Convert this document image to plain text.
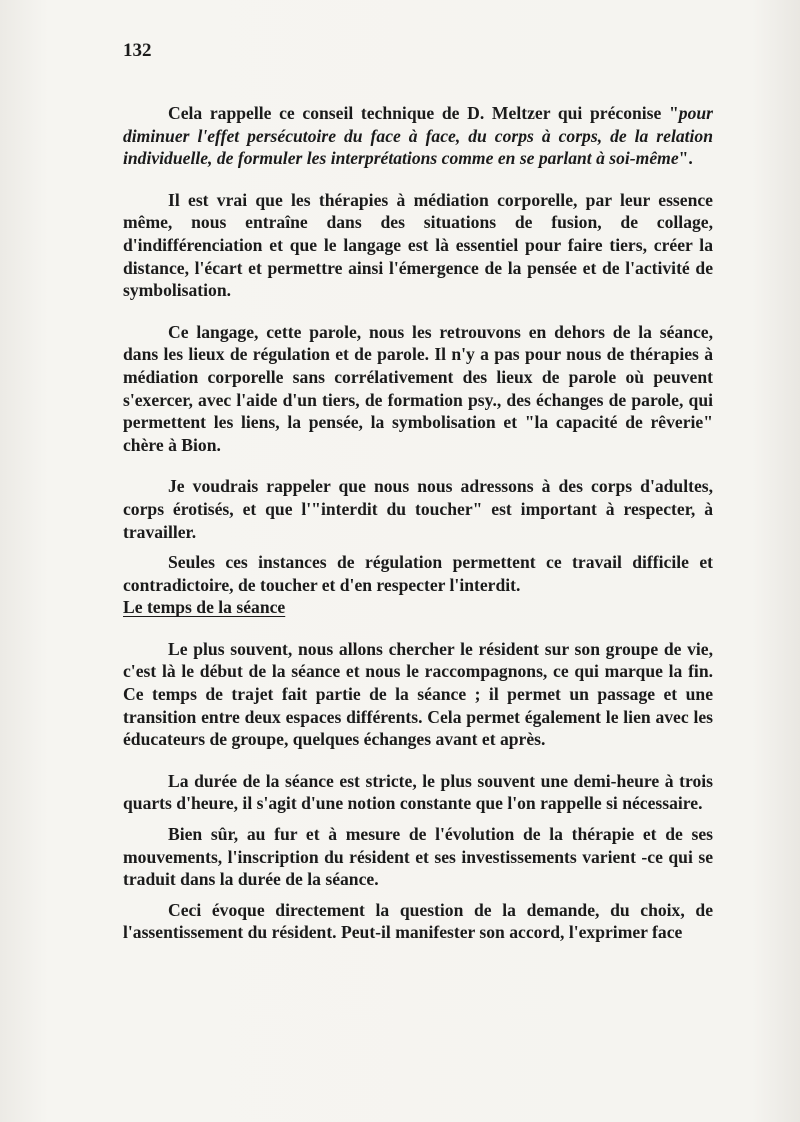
132

Cela rappelle ce conseil technique de D. Meltzer qui préconise "pour diminuer l'effet persécutoire du face à face, du corps à corps, de la relation individuelle, de formuler les interprétations comme en se parlant à soi-même".

Il est vrai que les thérapies à médiation corporelle, par leur essence même, nous entraîne dans des situations de fusion, de collage, d'indifférenciation et que le langage est là essentiel pour faire tiers, créer la distance, l'écart et permettre ainsi l'émergence de la pensée et de l'activité de symbolisation.

Ce langage, cette parole, nous les retrouvons en dehors de la séance, dans les lieux de régulation et de parole. Il n'y a pas pour nous de thérapies à médiation corporelle sans corrélativement des lieux de parole où peuvent s'exercer, avec l'aide d'un tiers, de formation psy., des échanges de parole, qui permettent les liens, la pensée, la symbolisation et "la capacité de rêverie" chère à Bion.

Je voudrais rappeler que nous nous adressons à des corps d'adultes, corps érotisés, et que l'"interdit du toucher" est important à respecter, à travailler.

Seules ces instances de régulation permettent ce travail difficile et contradictoire, de toucher et d'en respecter l'interdit.

Le temps de la séance

Le plus souvent, nous allons chercher le résident sur son groupe de vie, c'est là le début de la séance et nous le raccompagnons, ce qui marque la fin. Ce temps de trajet fait partie de la séance ; il permet un passage et une transition entre deux espaces différents. Cela permet également le lien avec les éducateurs de groupe, quelques échanges avant et après.

La durée de la séance est stricte, le plus souvent une demi-heure à trois quarts d'heure, il s'agit d'une notion constante que l'on rappelle si nécessaire.

Bien sûr, au fur et à mesure de l'évolution de la thérapie et de ses mouvements, l'inscription du résident et ses investissements varient -ce qui se traduit dans la durée de la séance.

Ceci évoque directement la question de la demande, du choix, de l'assentissement du résident. Peut-il manifester son accord, l'exprimer face
